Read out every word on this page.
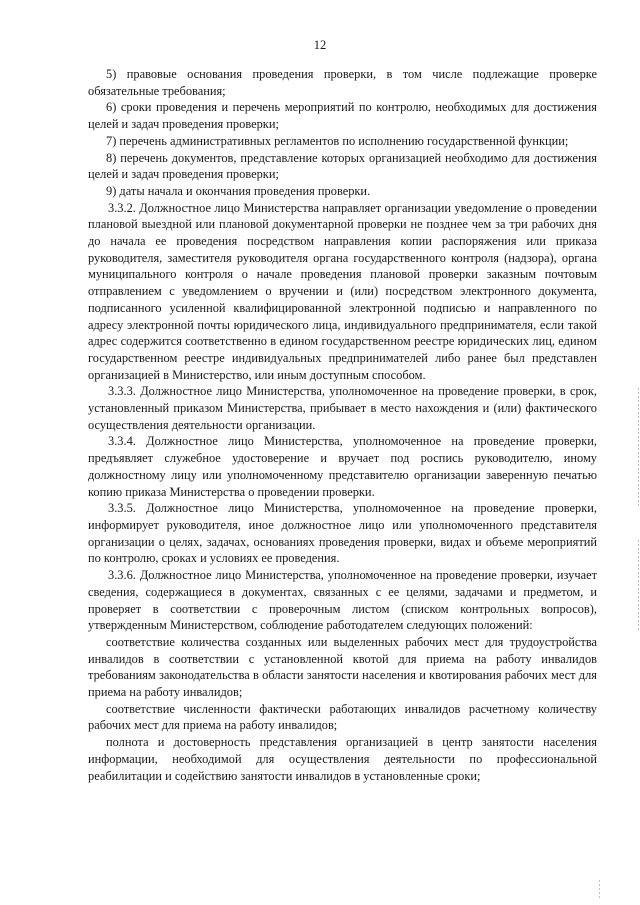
12

5) правовые основания проведения проверки, в том числе подлежащие проверке обязательные требования;

6) сроки проведения и перечень мероприятий по контролю, необходимых для достижения целей и задач проведения проверки;

7) перечень административных регламентов по исполнению государственной функции;

8) перечень документов, представление которых организацией необходимо для достижения целей и задач проведения проверки;

9) даты начала и окончания проведения проверки.

3.3.2. Должностное лицо Министерства направляет организации уведомление о проведении плановой выездной или плановой документарной проверки не позднее чем за три рабочих дня до начала ее проведения посредством направления копии распоряжения или приказа руководителя, заместителя руководителя органа государственного контроля (надзора), органа муниципального контроля о начале проведения плановой проверки заказным почтовым отправлением с уведомлением о вручении и (или) посредством электронного документа, подписанного усиленной квалифицированной электронной подписью и направленного по адресу электронной почты юридического лица, индивидуального предпринимателя, если такой адрес содержится соответственно в едином государственном реестре юридических лиц, едином государственном реестре индивидуальных предпринимателей либо ранее был представлен организацией в Министерство, или иным доступным способом.

3.3.3. Должностное лицо Министерства, уполномоченное на проведение проверки, в срок, установленный приказом Министерства, прибывает в место нахождения и (или) фактического осуществления деятельности организации.

3.3.4. Должностное лицо Министерства, уполномоченное на проведение проверки, предъявляет служебное удостоверение и вручает под роспись руководителю, иному должностному лицу или уполномоченному представителю организации заверенную печатью копию приказа Министерства о проведении проверки.

3.3.5. Должностное лицо Министерства, уполномоченное на проведение проверки, информирует руководителя, иное должностное лицо или уполномоченного представителя организации о целях, задачах, основаниях проведения проверки, видах и объеме мероприятий по контролю, сроках и условиях ее проведения.

3.3.6. Должностное лицо Министерства, уполномоченное на проведение проверки, изучает сведения, содержащиеся в документах, связанных с ее целями, задачами и предметом, и проверяет в соответствии с проверочным листом (списком контрольных вопросов), утвержденным Министерством, соблюдение работодателем следующих положений:

соответствие количества созданных или выделенных рабочих мест для трудоустройства инвалидов в соответствии с установленной квотой для приема на работу инвалидов требованиям законодательства в области занятости населения и квотирования рабочих мест для приема на работу инвалидов;

соответствие численности фактически работающих инвалидов расчетному количеству рабочих мест для приема на работу инвалидов;

полнота и достоверность представления организацией в центр занятости населения информации, необходимой для осуществления деятельности по профессиональной реабилитации и содействию занятости инвалидов в установленные сроки;
